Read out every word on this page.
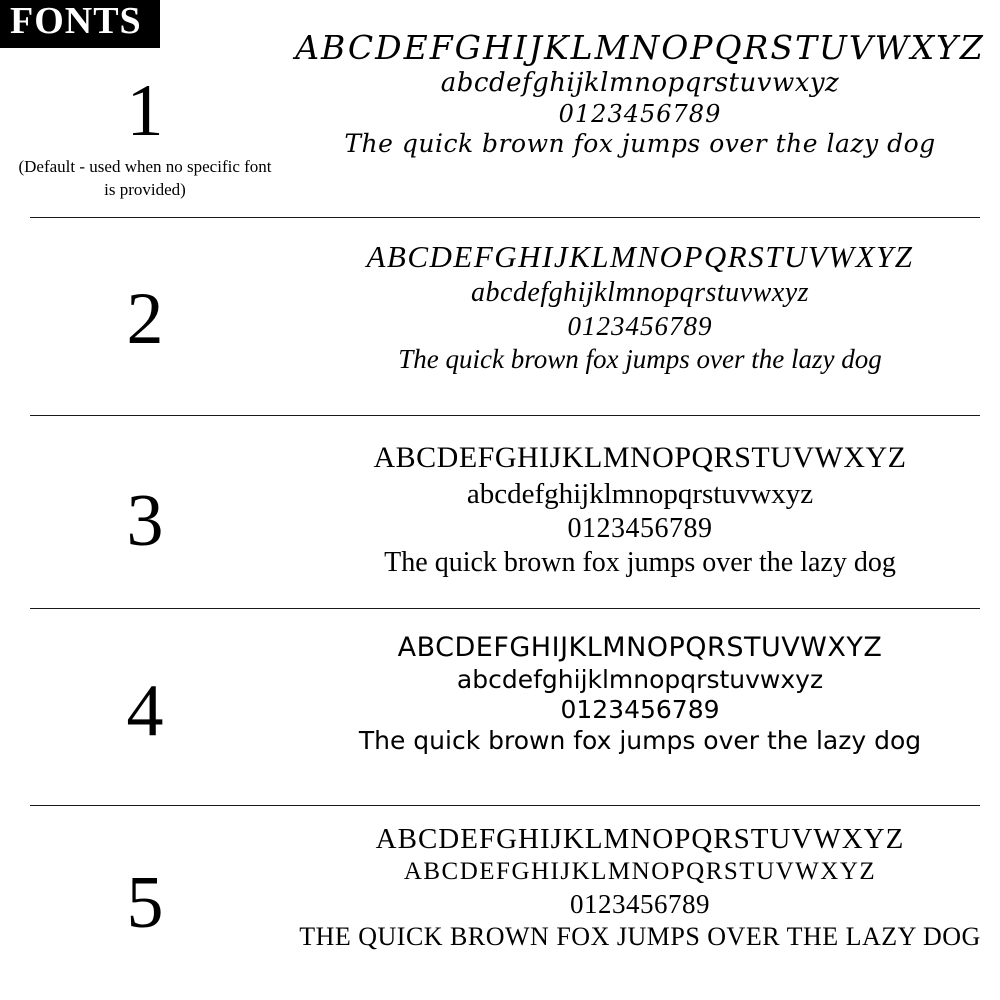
FONTS
1
(Default - used when no specific font is provided)
ABCDEFGHIJKLMNOPQRSTUVWXYZ
abcdefghijklmnopqrstuvwxyz
0123456789
The quick brown fox jumps over the lazy dog
2
ABCDEFGHIJKLMNOPQRSTUVWXYZ
abcdefghijklmnopqrstuvwxyz
0123456789
The quick brown fox jumps over the lazy dog
3
ABCDEFGHIJKLMNOPQRSTUVWXYZ
abcdefghijklmnopqrstuvwxyz
0123456789
The quick brown fox jumps over the lazy dog
4
ABCDEFGHIJKLMNOPQRSTUVWXYZ
abcdefghijklmnopqrstuvwxyz
0123456789
The quick brown fox jumps over the lazy dog
5
ABCDEFGHIJKLMNOPQRSTUVWXYZ
ABCDEFGHIJKLMNOPQRSTUVWXYZ
0123456789
THE QUICK BROWN FOX JUMPS OVER THE LAZY DOG
